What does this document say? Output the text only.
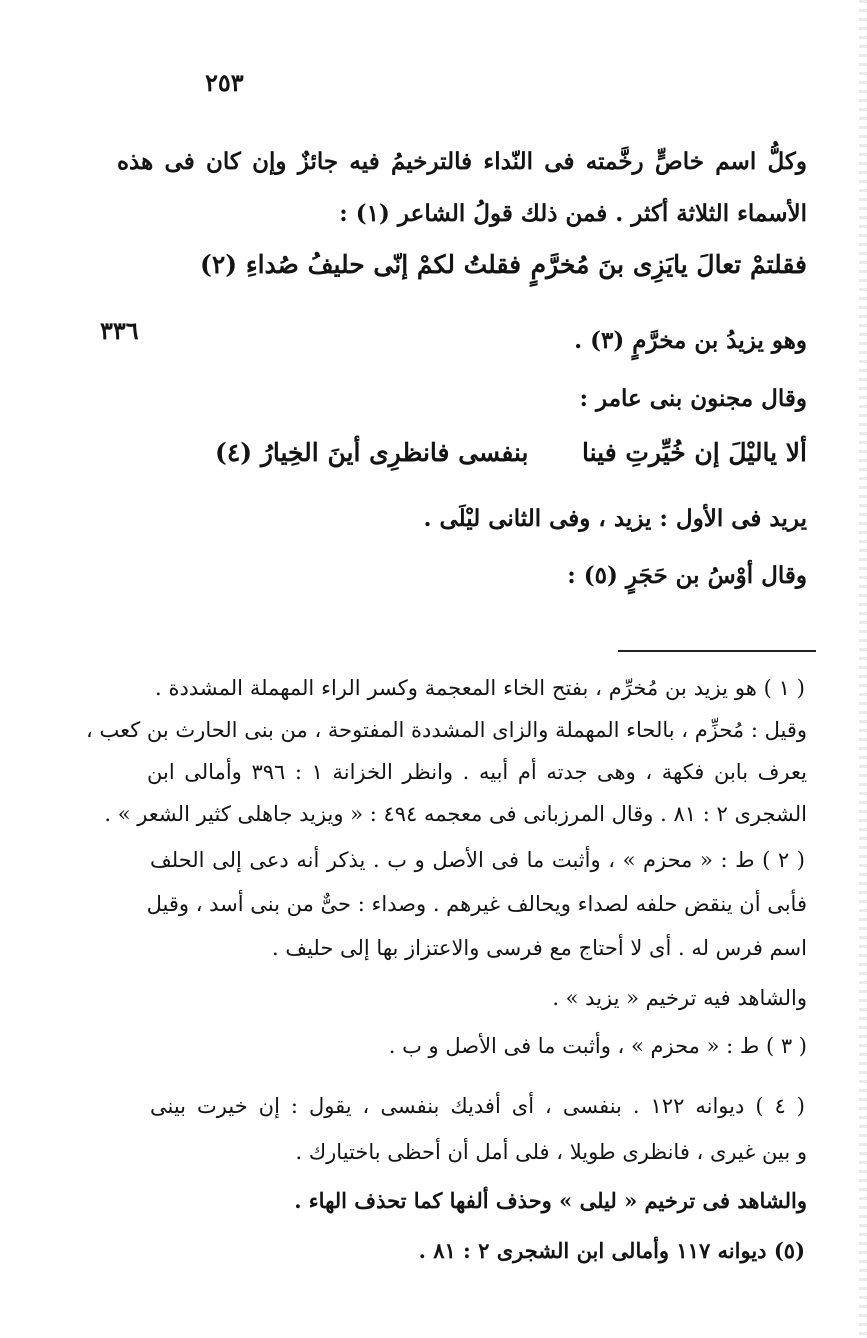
٢٥٣
٣٣٦
وكلُّ اسم خاصٍّ رخَّمته فى النّداء فالترخيمُ فيه جائزٌ وإن كان فى هذه
الأسماء الثلاثة أكثر . فمن ذلك قولُ الشاعر (١) :
فقلتمْ تعالَ يايَزِى بنَ مُخرَّمٍ
فقلتُ لكمْ إنّى حليفُ صُداءِ (٢)
وهو يزيدُ بن مخرَّمٍ (٣) .
وقال مجنون بنى عامر :
ألا ياليْلَ إن خُيِّرتِ فينا
بنفسى فانظرِى أينَ الخِيارُ (٤)
يريد فى الأول : يزيد ، وفى الثانى ليْلَى .
وقال أوْسُ بن حَجَرٍ (٥) :
( ١ ) هو يزيد بن مُخرِّم ، بفتح الخاء المعجمة وكسر الراء المهملة المشددة .
وقيل : مُحزِّم ، بالحاء المهملة والزاى المشددة المفتوحة ، من بنى الحارث بن كعب ،
يعرف بابن فكهة ، وهى جدته أم أبيه . وانظر الخزانة ١ : ٣٩٦ وأمالى ابن
الشجرى ٢ : ٨١ . وقال المرزبانى فى معجمه ٤٩٤ : « ويزيد جاهلى كثير الشعر » .
( ٢ ) ط : « محزم » ، وأثبت ما فى الأصل و ب . يذكر أنه دعى إلى الحلف
فأبى أن ينقض حلفه لصداء ويحالف غيرهم . وصداء : حىٌّ من بنى أسد ، وقيل
اسم فرس له . أى لا أحتاج مع فرسى والاعتزاز بها إلى حليف .
والشاهد فيه ترخيم « يزيد » .
( ٣ ) ط : « محزم » ، وأثبت ما فى الأصل و ب .
( ٤ ) ديوانه ١٢٢ . بنفسى ، أى أفديك بنفسى ، يقول : إن خيرت بينى
و بين غيرى ، فانظرى طويلا ، فلى أمل أن أحظى باختيارك .
والشاهد فى ترخيم « ليلى » وحذف ألفها كما تحذف الهاء .
(٥) ديوانه ١١٧ وأمالى ابن الشجرى ٢ : ٨١ .
